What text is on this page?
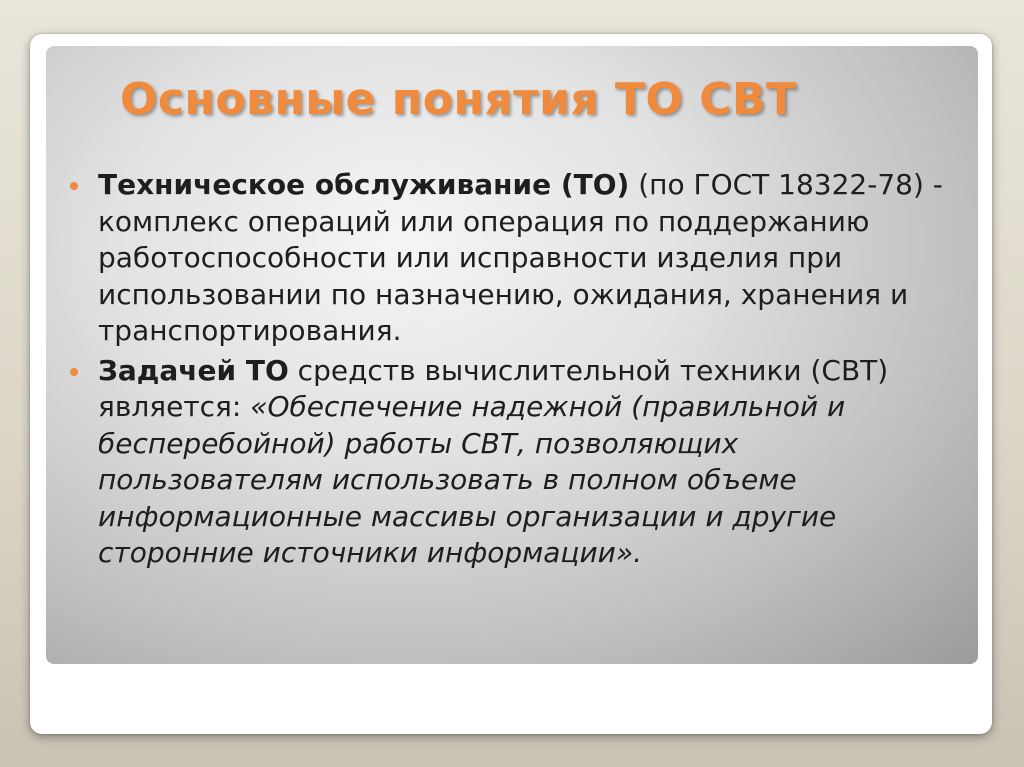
Основные понятия ТО СВТ

Техническое обслуживание (ТО) (по ГОСТ 18322-78) - комплекс операций или операция по поддержанию работоспособности или исправности изделия при использовании по назначению, ожидания, хранения и транспортирования.

Задачей ТО средств вычислительной техники (СВТ) является: «Обеспечение надежной (правильной и бесперебойной) работы СВТ, позволяющих пользователям использовать в полном объеме информационные массивы организации и другие сторонние источники информации».
